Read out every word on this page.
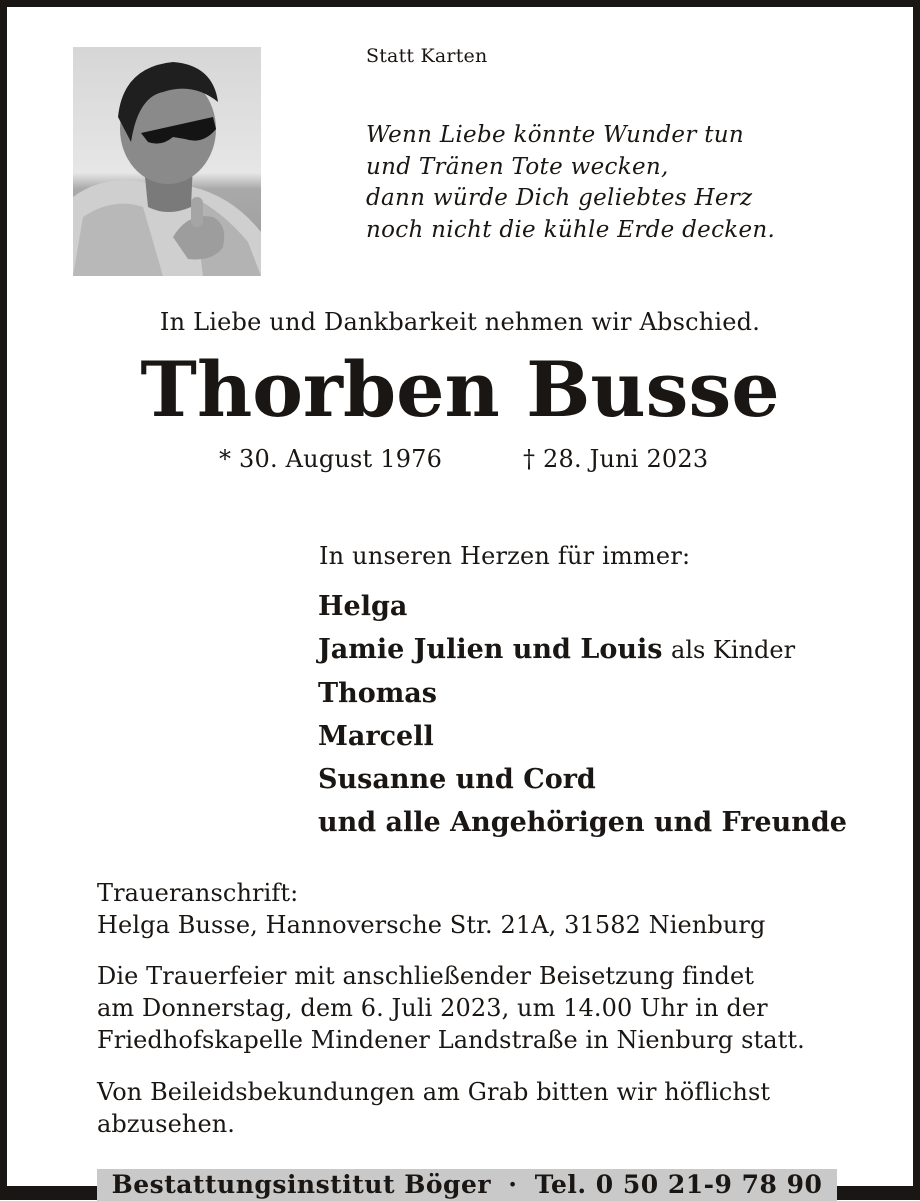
Statt Karten
Wenn Liebe könnte Wunder tun
und Tränen Tote wecken,
dann würde Dich geliebtes Herz
noch nicht die kühle Erde decken.
In Liebe und Dankbarkeit nehmen wir Abschied.
Thorben Busse
* 30. August 1976	† 28. Juni 2023
In unseren Herzen für immer:
Helga
Jamie Julien und Louis als Kinder
Thomas
Marcell
Susanne und Cord
und alle Angehörigen und Freunde
Traueranschrift:
Helga Busse, Hannoversche Str. 21A, 31582 Nienburg
Die Trauerfeier mit anschließender Beisetzung findet
am Donnerstag, dem 6. Juli 2023, um 14.00 Uhr in der
Friedhofskapelle Mindener Landstraße in Nienburg statt.
Von Beileidsbekundungen am Grab bitten wir höflichst
abzusehen.
Bestattungsinstitut Böger · Tel. 0 50 21-9 78 90
